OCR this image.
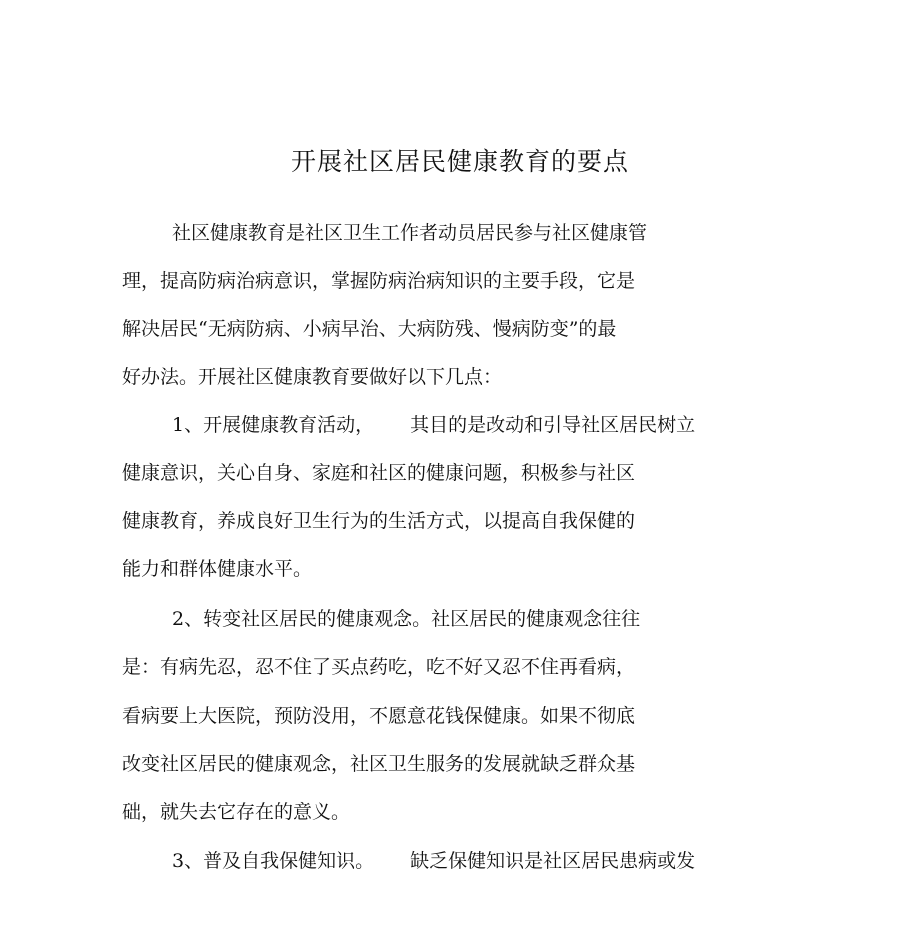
开展社区居民健康教育的要点
社区健康教育是社区卫生工作者动员居民参与社区健康管
理，提高防病治病意识，掌握防病治病知识的主要手段，它是
解决居民“无病防病、小病早治、大病防残、慢病防变”的最
好办法。开展社区健康教育要做好以下几点：
1、开展健康教育活动， 其目的是改动和引导社区居民树立
健康意识，关心自身、家庭和社区的健康问题，积极参与社区
健康教育，养成良好卫生行为的生活方式，以提高自我保健的
能力和群体健康水平。
2、转变社区居民的健康观念。社区居民的健康观念往往
是：有病先忍，忍不住了买点药吃，吃不好又忍不住再看病，
看病要上大医院，预防没用，不愿意花钱保健康。如果不彻底
改变社区居民的健康观念，社区卫生服务的发展就缺乏群众基
础，就失去它存在的意义。
3、普及自我保健知识。 缺乏保健知识是社区居民患病或发
